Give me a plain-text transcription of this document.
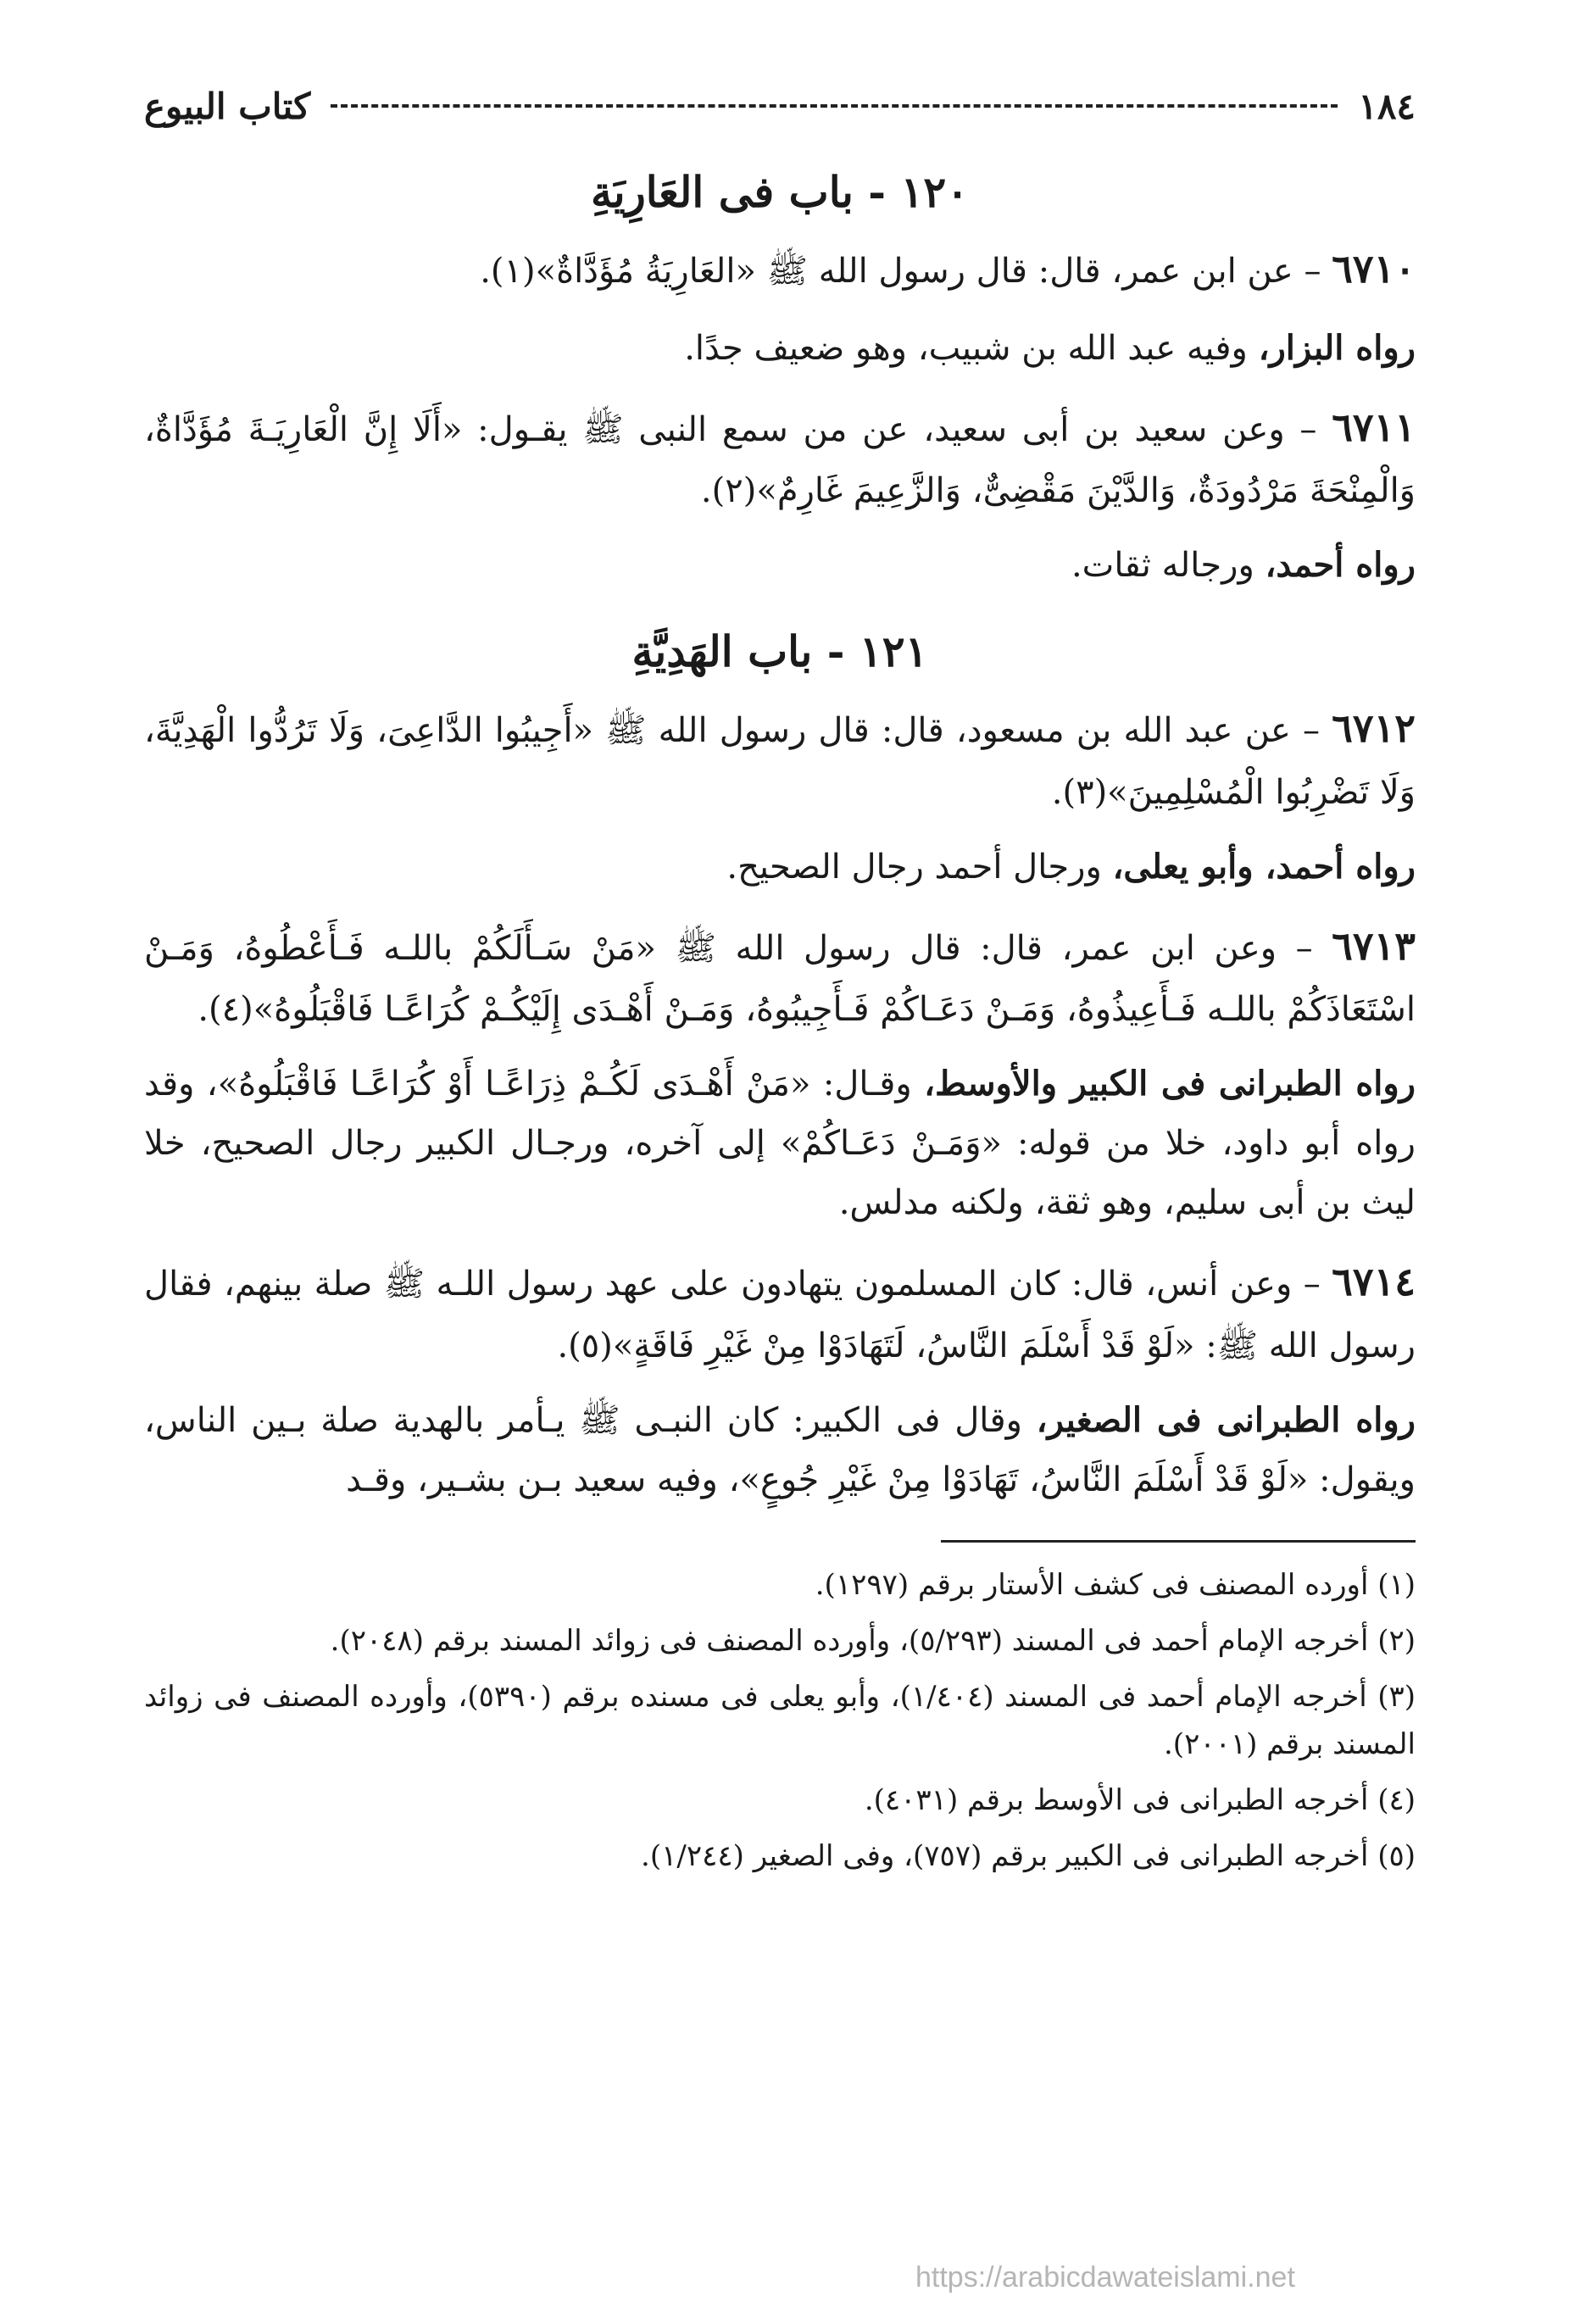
١٨٤
كتاب البيوع
١٢٠ - باب فى العَارِيَةِ

٦٧١٠ – عن ابن عمر، قال: قال رسول الله ﷺ «العَارِيَةُ مُؤَدَّاةٌ»(١).

رواه البزار، وفيه عبد الله بن شبيب، وهو ضعيف جدًا.

٦٧١١ – وعن سعيد بن أبى سعيد، عن من سمع النبى ﷺ يقـول: «أَلَا إِنَّ الْعَارِيَـةَ مُؤَدَّاةٌ، وَالْمِنْحَةَ مَرْدُودَةٌ، وَالدَّيْنَ مَقْضِىٌّ، وَالزَّعِيمَ غَارِمٌ»(٢).

رواه أحمد، ورجاله ثقات.

١٢١ - باب الهَدِيَّةِ

٦٧١٢ – عن عبد الله بن مسعود، قال: قال رسول الله ﷺ «أَجِيبُوا الدَّاعِىَ، وَلَا تَرُدُّوا الْهَدِيَّةَ، وَلَا تَضْرِبُوا الْمُسْلِمِينَ»(٣).

رواه أحمد، وأبو يعلى، ورجال أحمد رجال الصحيح.

٦٧١٣ – وعن ابن عمر، قال: قال رسول الله ﷺ «مَنْ سَـأَلَكُمْ باللـه فَـأَعْطُوهُ، وَمَـنْ اسْتَعَاذَكُمْ باللـه فَـأَعِيذُوهُ، وَمَـنْ دَعَـاكُمْ فَـأَجِيبُوهُ، وَمَـنْ أَهْـدَى إِلَيْكُـمْ كُرَاعًـا فَاقْبَلُوهُ»(٤).

رواه الطبرانى فى الكبير والأوسط، وقـال: «مَنْ أَهْـدَى لَكُـمْ ذِرَاعًـا أَوْ كُرَاعًـا فَاقْبَلُوهُ»، وقد رواه أبو داود، خلا من قوله: «وَمَـنْ دَعَـاكُمْ» إلى آخره، ورجـال الكبير رجال الصحيح، خلا ليث بن أبى سليم، وهو ثقة، ولكنه مدلس.

٦٧١٤ – وعن أنس، قال: كان المسلمون يتهادون على عهد رسول اللـه ﷺ صلة بينهم، فقال رسول الله ﷺ: «لَوْ قَدْ أَسْلَمَ النَّاسُ، لَتَهَادَوْا مِنْ غَيْرِ فَاقَةٍ»(٥).

رواه الطبرانى فى الصغير، وقال فى الكبير: كان النبـى ﷺ يـأمر بالهدية صلة بـين الناس، ويقول: «لَوْ قَدْ أَسْلَمَ النَّاسُ، تَهَادَوْا مِنْ غَيْرِ جُوعٍ»، وفيه سعيد بـن بشـير، وقـد

(١) أورده المصنف فى كشف الأستار برقم (١٢٩٧).

(٢) أخرجه الإمام أحمد فى المسند (٥/٢٩٣)، وأورده المصنف فى زوائد المسند برقم (٢٠٤٨).

(٣) أخرجه الإمام أحمد فى المسند (١/٤٠٤)، وأبو يعلى فى مسنده برقم (٥٣٩٠)، وأورده المصنف فى زوائد المسند برقم (٢٠٠١).

(٤) أخرجه الطبرانى فى الأوسط برقم (٤٠٣١).

(٥) أخرجه الطبرانى فى الكبير برقم (٧٥٧)، وفى الصغير (١/٢٤٤).

https://arabicdawateislami.net
